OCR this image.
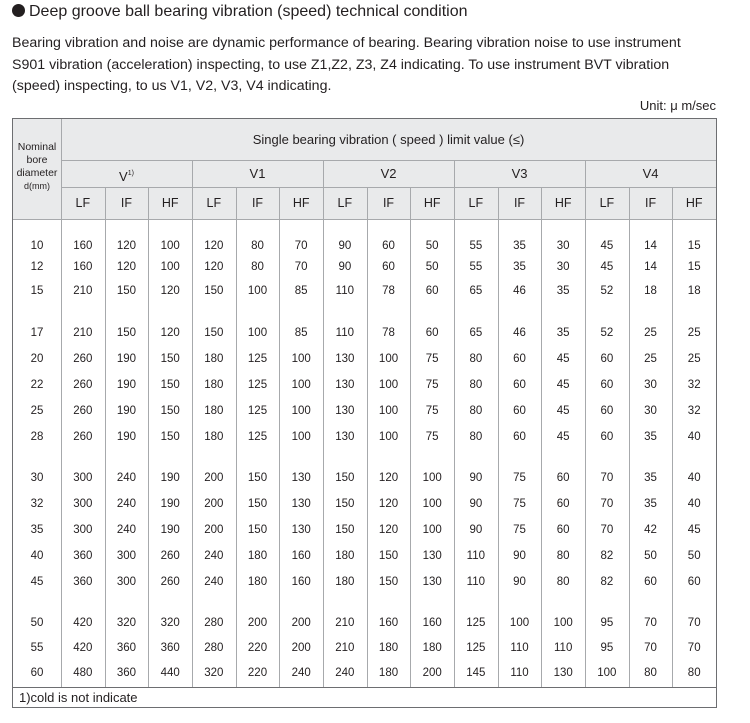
Deep groove ball bearing vibration (speed) technical condition

Bearing vibration and noise are dynamic performance of bearing. Bearing vibration noise to use instrument

S901 vibration (acceleration) inspecting, to use Z1,Z2, Z3, Z4 indicating. To use instrument BVT vibration

(speed) inspecting, to us V1, V2, V3, V4 indicating.

Unit: μ m/sec
Nominal
bore
diameter
d(mm)
Single bearing vibration ( speed ) limit value (≤)
$V^{1)}$
LF	IF	HF
V1
LF	IF	HF
V2
LF	IF	HF
V3
LF	IF	HF
V4
LF	IF	HF
10	160	120	100	120	80	70	90	60	50	55	35	30	45	14	15
12	160	120	100	120	80	70	90	60	50	55	35	30	45	14	15
15	210	150	120	150	100	85	110	78	60	65	46	35	52	18	18
17	210	150	120	150	100	85	110	78	60	65	46	35	52	25	25
20	260	190	150	180	125	100	130	100	75	80	60	45	60	25	25
22	260	190	150	180	125	100	130	100	75	80	60	45	60	30	32
25	260	190	150	180	125	100	130	100	75	80	60	45	60	30	32
28	260	190	150	180	125	100	130	100	75	80	60	45	60	35	40
30	300	240	190	200	150	130	150	120	100	90	75	60	70	35	40
32	300	240	190	200	150	130	150	120	100	90	75	60	70	35	40
35	300	240	190	200	150	130	150	120	100	90	75	60	70	42	45
40	360	300	260	240	180	160	180	150	130	110	90	80	82	50	50
45	360	300	260	240	180	160	180	150	130	110	90	80	82	60	60
50	420	320	320	280	200	200	210	160	160	125	100	100	95	70	70
55	420	360	360	280	220	200	210	180	180	125	110	110	95	70	70
60	480	360	440	320	220	240	240	180	200	145	110	130	100	80	80
1)cold is not indicate
